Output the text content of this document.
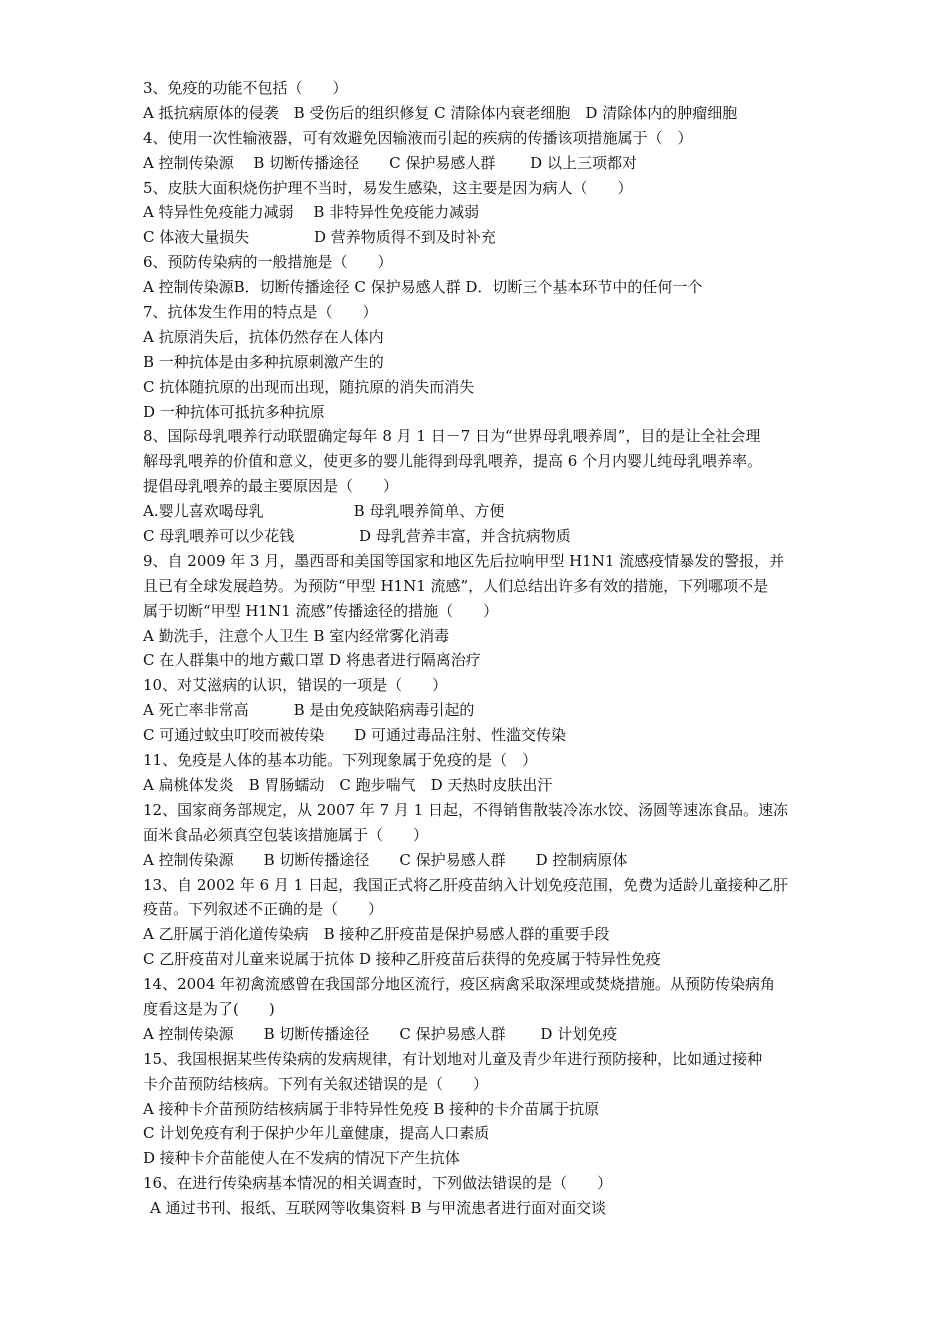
3、免疫的功能不包括（　　）

A 抵抗病原体的侵袭　B 受伤后的组织修复 C 清除体内衰老细胞　D 清除体内的肿瘤细胞

4、使用一次性输液器，可有效避免因输液而引起的疾病的传播该项措施属于（　）

A 控制传染源　 B 切断传播途径　　C 保护易感人群　　 D 以上三项都对

5、皮肤大面积烧伤护理不当时，易发生感染，这主要是因为病人（　　）

A 特异性免疫能力减弱　 B 非特异性免疫能力减弱

C 体液大量损失　　　　 D 营养物质得不到及时补充

6、预防传染病的一般措施是（　　）

A 控制传染源B．切断传播途径 C 保护易感人群 D．切断三个基本环节中的任何一个

7、抗体发生作用的特点是（　　）

A 抗原消失后，抗体仍然存在人体内

B 一种抗体是由多种抗原刺激产生的

C 抗体随抗原的出现而出现，随抗原的消失而消失

D 一种抗体可抵抗多种抗原

8、国际母乳喂养行动联盟确定每年 8 月 1 日－7 日为“世界母乳喂养周”，目的是让全社会理

解母乳喂养的价值和意义，使更多的婴儿能得到母乳喂养，提高 6 个月内婴儿纯母乳喂养率。

提倡母乳喂养的最主要原因是（　　）

A.婴儿喜欢喝母乳　　　　　　B 母乳喂养简单、方便

C 母乳喂养可以少花钱　　　　 D 母乳营养丰富，并含抗病物质

9、自 2009 年 3 月，墨西哥和美国等国家和地区先后拉响甲型 H1N1 流感疫情暴发的警报，并

且已有全球发展趋势。为预防“甲型 H1N1 流感”，人们总结出许多有效的措施，下列哪项不是

属于切断“甲型 H1N1 流感”传播途径的措施（　　）

A 勤洗手，注意个人卫生 B 室内经常雾化消毒

C 在人群集中的地方戴口罩 D 将患者进行隔离治疗

10、对艾滋病的认识，错误的一项是（　　）

A 死亡率非常高　　　B 是由免疫缺陷病毒引起的

C 可通过蚊虫叮咬而被传染　　D 可通过毒品注射、性滥交传染

11、免疫是人体的基本功能。下列现象属于免疫的是（　）

A 扁桃体发炎　B 胃肠蠕动　C 跑步喘气　D 天热时皮肤出汗

12、国家商务部规定，从 2007 年 7 月 1 日起，不得销售散装冷冻水饺、汤圆等速冻食品。速冻

面米食品必须真空包装该措施属于（　　）

A 控制传染源　　B 切断传播途径　　C 保护易感人群　　D 控制病原体

13、自 2002 年 6 月 1 日起，我国正式将乙肝疫苗纳入计划免疫范围，免费为适龄儿童接种乙肝

疫苗。下列叙述不正确的是（　　）

A 乙肝属于消化道传染病　B 接种乙肝疫苗是保护易感人群的重要手段

C 乙肝疫苗对儿童来说属于抗体 D 接种乙肝疫苗后获得的免疫属于特异性免疫

14、2004 年初禽流感曾在我国部分地区流行，疫区病禽采取深埋或焚烧措施。从预防传染病角

度看这是为了(　　)

A 控制传染源　　B 切断传播途径　　C 保护易感人群　　 D 计划免疫

15、我国根据某些传染病的发病规律，有计划地对儿童及青少年进行预防接种，比如通过接种

卡介苗预防结核病。下列有关叙述错误的是（　　）

A 接种卡介苗预防结核病属于非特异性免疫 B 接种的卡介苗属于抗原

C 计划免疫有利于保护少年儿童健康，提高人口素质

D 接种卡介苗能使人在不发病的情况下产生抗体

16、在进行传染病基本情况的相关调查时，下列做法错误的是（　　）

A 通过书刊、报纸、互联网等收集资料 B 与甲流患者进行面对面交谈
